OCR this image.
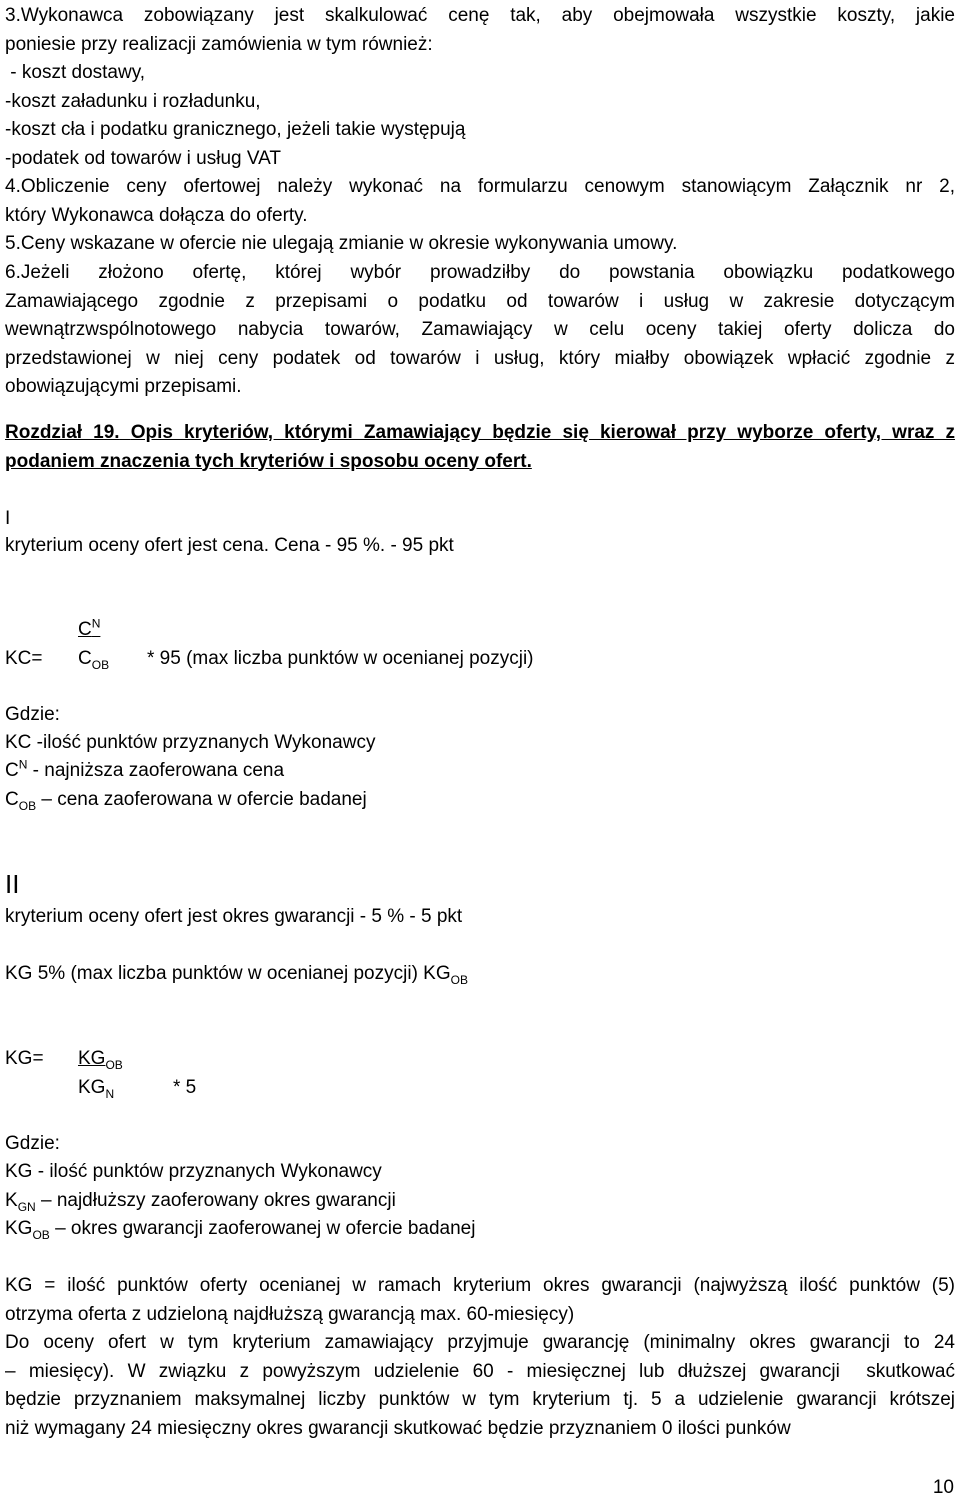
3.Wykonawca zobowiązany jest skalkulować cenę tak, aby obejmowała wszystkie koszty, jakie
poniesie przy realizacji zamówienia w tym również:
- koszt dostawy,
-koszt załadunku i rozładunku,
-koszt cła i podatku granicznego, jeżeli takie występują
-podatek od towarów i usług VAT
4.Obliczenie ceny ofertowej należy wykonać na formularzu cenowym stanowiącym Załącznik nr 2,
który Wykonawca dołącza do oferty.
5.Ceny wskazane w ofercie nie ulegają zmianie w okresie wykonywania umowy.
6.Jeżeli złożono ofertę, której wybór prowadziłby do powstania obowiązku podatkowego
Zamawiającego zgodnie z przepisami o podatku od towarów i usług w zakresie dotyczącym
wewnątrzwspólnotowego nabycia towarów, Zamawiający w celu oceny takiej oferty dolicza do
przedstawionej w niej ceny podatek od towarów i usług, który miałby obowiązek wpłacić zgodnie z
obowiązującymi przepisami.
Rozdział 19. Opis kryteriów, którymi Zamawiający będzie się kierował przy wyborze oferty, wraz z
podaniem znaczenia tych kryteriów i sposobu oceny ofert.
I
kryterium oceny ofert jest cena. Cena - 95 %. - 95 pkt
$C^N$
$KC= C_{OB} * 95$ (max liczba punktów w ocenianej pozycji)
Gdzie:
KC -ilość punktów przyznanych Wykonawcy
$C^N$ - najniższa zaoferowana cena
$C_{OB}$ – cena zaoferowana w ofercie badanej
II
kryterium oceny ofert jest okres gwarancji - 5 % - 5 pkt
KG 5% (max liczba punktów w ocenianej pozycji) $KG_{OB}$
$KG= KG_{OB}$
$KG_N$	* 5
Gdzie:
KG - ilość punktów przyznanych Wykonawcy
$K_{GN}$ – najdłuższy zaoferowany okres gwarancji
$KG_{OB}$ – okres gwarancji zaoferowanej w ofercie badanej
KG = ilość punktów oferty ocenianej w ramach kryterium okres gwarancji (najwyższą ilość punktów (5)
otrzyma oferta z udzieloną najdłuższą gwarancją max. 60-miesięcy)
Do oceny ofert w tym kryterium zamawiający przyjmuje gwarancję (minimalny okres gwarancji to 24
– miesięcy). W związku z powyższym udzielenie 60 - miesięcznej lub dłuższej gwarancji  skutkować
będzie przyznaniem maksymalnej liczby punktów w tym kryterium tj. 5 a udzielenie gwarancji krótszej
niż wymagany 24 miesięczny okres gwarancji skutkować będzie przyznaniem 0 ilości punków
10
